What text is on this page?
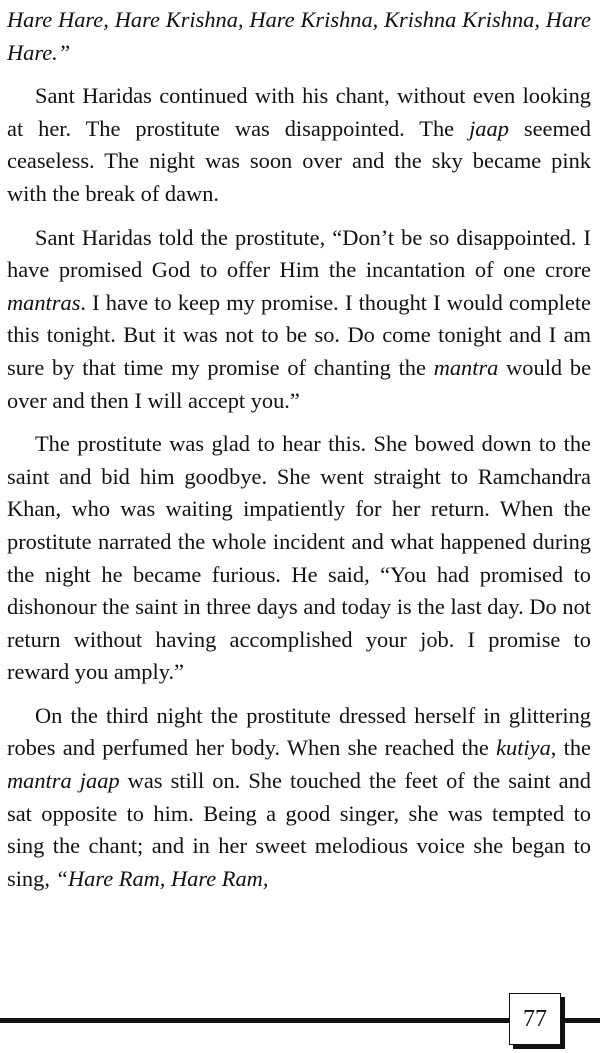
Hare Hare, Hare Krishna, Hare Krishna, Krishna Krishna, Hare Hare.”

Sant Haridas continued with his chant, without even looking at her. The prostitute was disappointed. The jaap seemed ceaseless. The night was soon over and the sky became pink with the break of dawn.

Sant Haridas told the prostitute, “Don’t be so disappointed. I have promised God to offer Him the incantation of one crore mantras. I have to keep my promise. I thought I would complete this tonight. But it was not to be so. Do come tonight and I am sure by that time my promise of chanting the mantra would be over and then I will accept you.”

The prostitute was glad to hear this. She bowed down to the saint and bid him goodbye. She went straight to Ramchandra Khan, who was waiting impatiently for her return. When the prostitute narrated the whole incident and what happened during the night he became furious. He said, “You had promised to dishonour the saint in three days and today is the last day. Do not return without having accomplished your job. I promise to reward you amply.”

On the third night the prostitute dressed herself in glittering robes and perfumed her body. When she reached the kutiya, the mantra jaap was still on. She touched the feet of the saint and sat opposite to him. Being a good singer, she was tempted to sing the chant; and in her sweet melodious voice she began to sing, “Hare Ram, Hare Ram,

77
